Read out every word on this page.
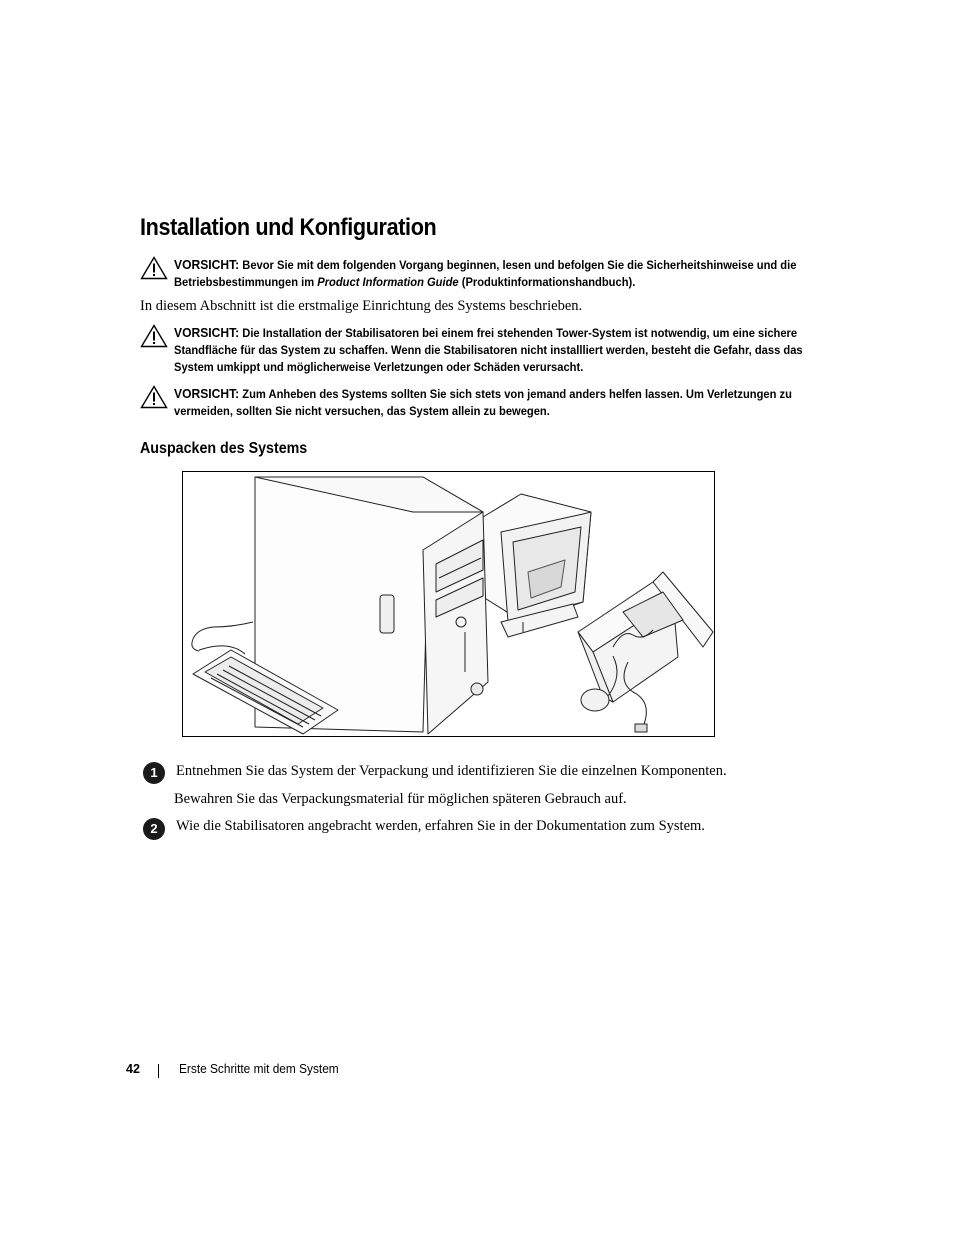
Installation und Konfiguration
VORSICHT: Bevor Sie mit dem folgenden Vorgang beginnen, lesen und befolgen Sie die Sicherheitshinweise und die Betriebsbestimmungen im Product Information Guide (Produktinformationshandbuch).
In diesem Abschnitt ist die erstmalige Einrichtung des Systems beschrieben.
VORSICHT: Die Installation der Stabilisatoren bei einem frei stehenden Tower-System ist notwendig, um eine sichere Standfläche für das System zu schaffen. Wenn die Stabilisatoren nicht installliert werden, besteht die Gefahr, dass das System umkippt und möglicherweise Verletzungen oder Schäden verursacht.
VORSICHT: Zum Anheben des Systems sollten Sie sich stets von jemand anders helfen lassen. Um Verletzungen zu vermeiden, sollten Sie nicht versuchen, das System allein zu bewegen.
Auspacken des Systems
1	Entnehmen Sie das System der Verpackung und identifizieren Sie die einzelnen Komponenten.
Bewahren Sie das Verpackungsmaterial für möglichen späteren Gebrauch auf.
2	Wie die Stabilisatoren angebracht werden, erfahren Sie in der Dokumentation zum System.
42	Erste Schritte mit dem System
